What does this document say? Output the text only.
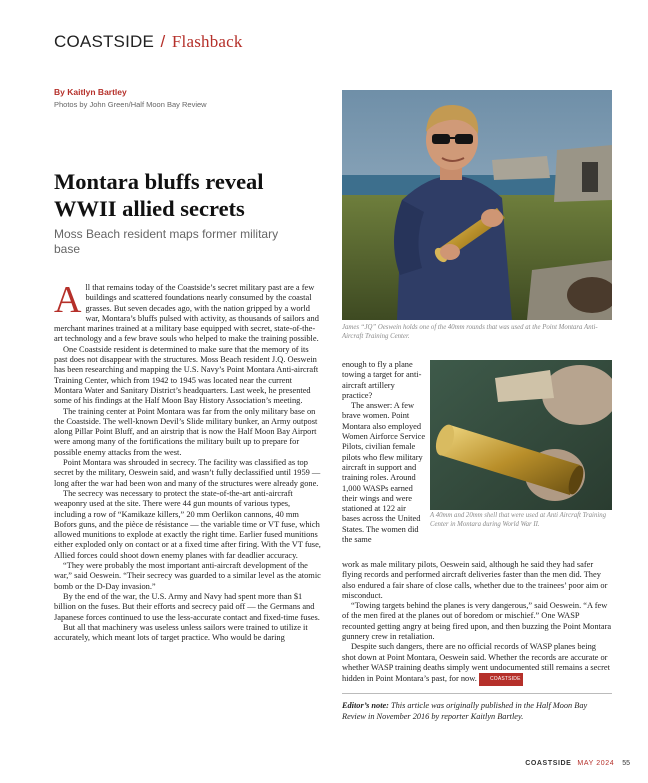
COASTSIDE / Flashback
By Kaitlyn Bartley
Photos by John Green/Half Moon Bay Review
Montara bluffs reveal
WWII allied secrets
Moss Beach resident maps former military base
James “JQ” Oeswein holds one of the 40mm rounds that was used at the Point Montara Anti-Aircraft Training Center.
A 40mm and 20mm shell that were used at Anti Aircraft Training Center in Montara during World War II.

All that remains today of the Coastside’s secret military past are a few buildings and scattered foundations nearly consumed by the coastal grasses. But seven decades ago, with the nation gripped by a world war, Montara’s bluffs pulsed with activity, as thousands of sailors and merchant marines trained at a military base equipped with secret, state-of-the-art technology and a few brave souls who helped to make the training possible.

One Coastside resident is determined to make sure that the memory of its past does not disappear with the structures. Moss Beach resident J.Q. Oeswein has been researching and mapping the U.S. Navy’s Point Montara Anti-aircraft Training Center, which from 1942 to 1945 was located near the current Montara Water and Sanitary District’s headquarters. Last week, he presented some of his findings at the Half Moon Bay History Association’s meeting.

The training center at Point Montara was far from the only military base on the Coastside. The well-known Devil’s Slide military bunker, an Army outpost along Pillar Point Bluff, and an airstrip that is now the Half Moon Bay Airport were among many of the fortifications the military built up to prepare for possible enemy attacks from the west.

Point Montara was shrouded in secrecy. The facility was classified as top secret by the military, Oeswein said, and wasn’t fully declassified until 1959 — long after the war had been won and many of the structures were already gone.

The secrecy was necessary to protect the state-of-the-art anti-aircraft weaponry used at the site. There were 44 gun mounts of various types, including a row of “Kamikaze killers,” 20 mm Oerlikon cannons, 40 mm Bofors guns, and the pièce de résistance — the variable time or VT fuse, which allowed munitions to explode at exactly the right time. Earlier fused munitions either exploded only on contact or at a fixed time after firing. With the VT fuse, Allied forces could shoot down enemy planes with far deadlier accuracy.

“They were probably the most important anti-aircraft development of the war,” said Oeswein. “Their secrecy was guarded to a similar level as the atomic bomb or the D-Day invasion.”

By the end of the war, the U.S. Army and Navy had spent more than $1 billion on the fuses. But their efforts and secrecy paid off — the Germans and Japanese forces continued to use the less-accurate contact and fixed-time fuses.

But all that machinery was useless unless sailors were trained to utilize it accurately, which meant lots of target practice. Who would be daring

enough to fly a plane towing a target for anti-aircraft artillery practice?

The answer: A few brave women. Point Montara also employed Women Airforce Service Pilots, civilian female pilots who flew military aircraft in support and training roles. Around 1,000 WASPs earned their wings and were stationed at 122 air bases across the United States. The women did the same

work as male military pilots, Oeswein said, although he said they had safer flying records and performed aircraft deliveries faster than the men did. They also endured a fair share of close calls, whether due to the trainees’ poor aim or misconduct.

“Towing targets behind the planes is very dangerous,” said Oeswein. “A few of the men fired at the planes out of boredom or mischief.” One WASP recounted getting angry at being fired upon, and then buzzing the Point Montara gunnery crew in retaliation.

Despite such dangers, there are no official records of WASP planes being shot down at Point Montara, Oeswein said. Whether the records are accurate or whether WASP training deaths simply went undocumented still remains a secret hidden in Point Montara’s past, for now.	COASTSIDE

Editor’s note: This article was originally published in the Half Moon Bay Review in November 2016 by reporter Kaitlyn Bartley.
COASTSIDE MAY 2024 55
